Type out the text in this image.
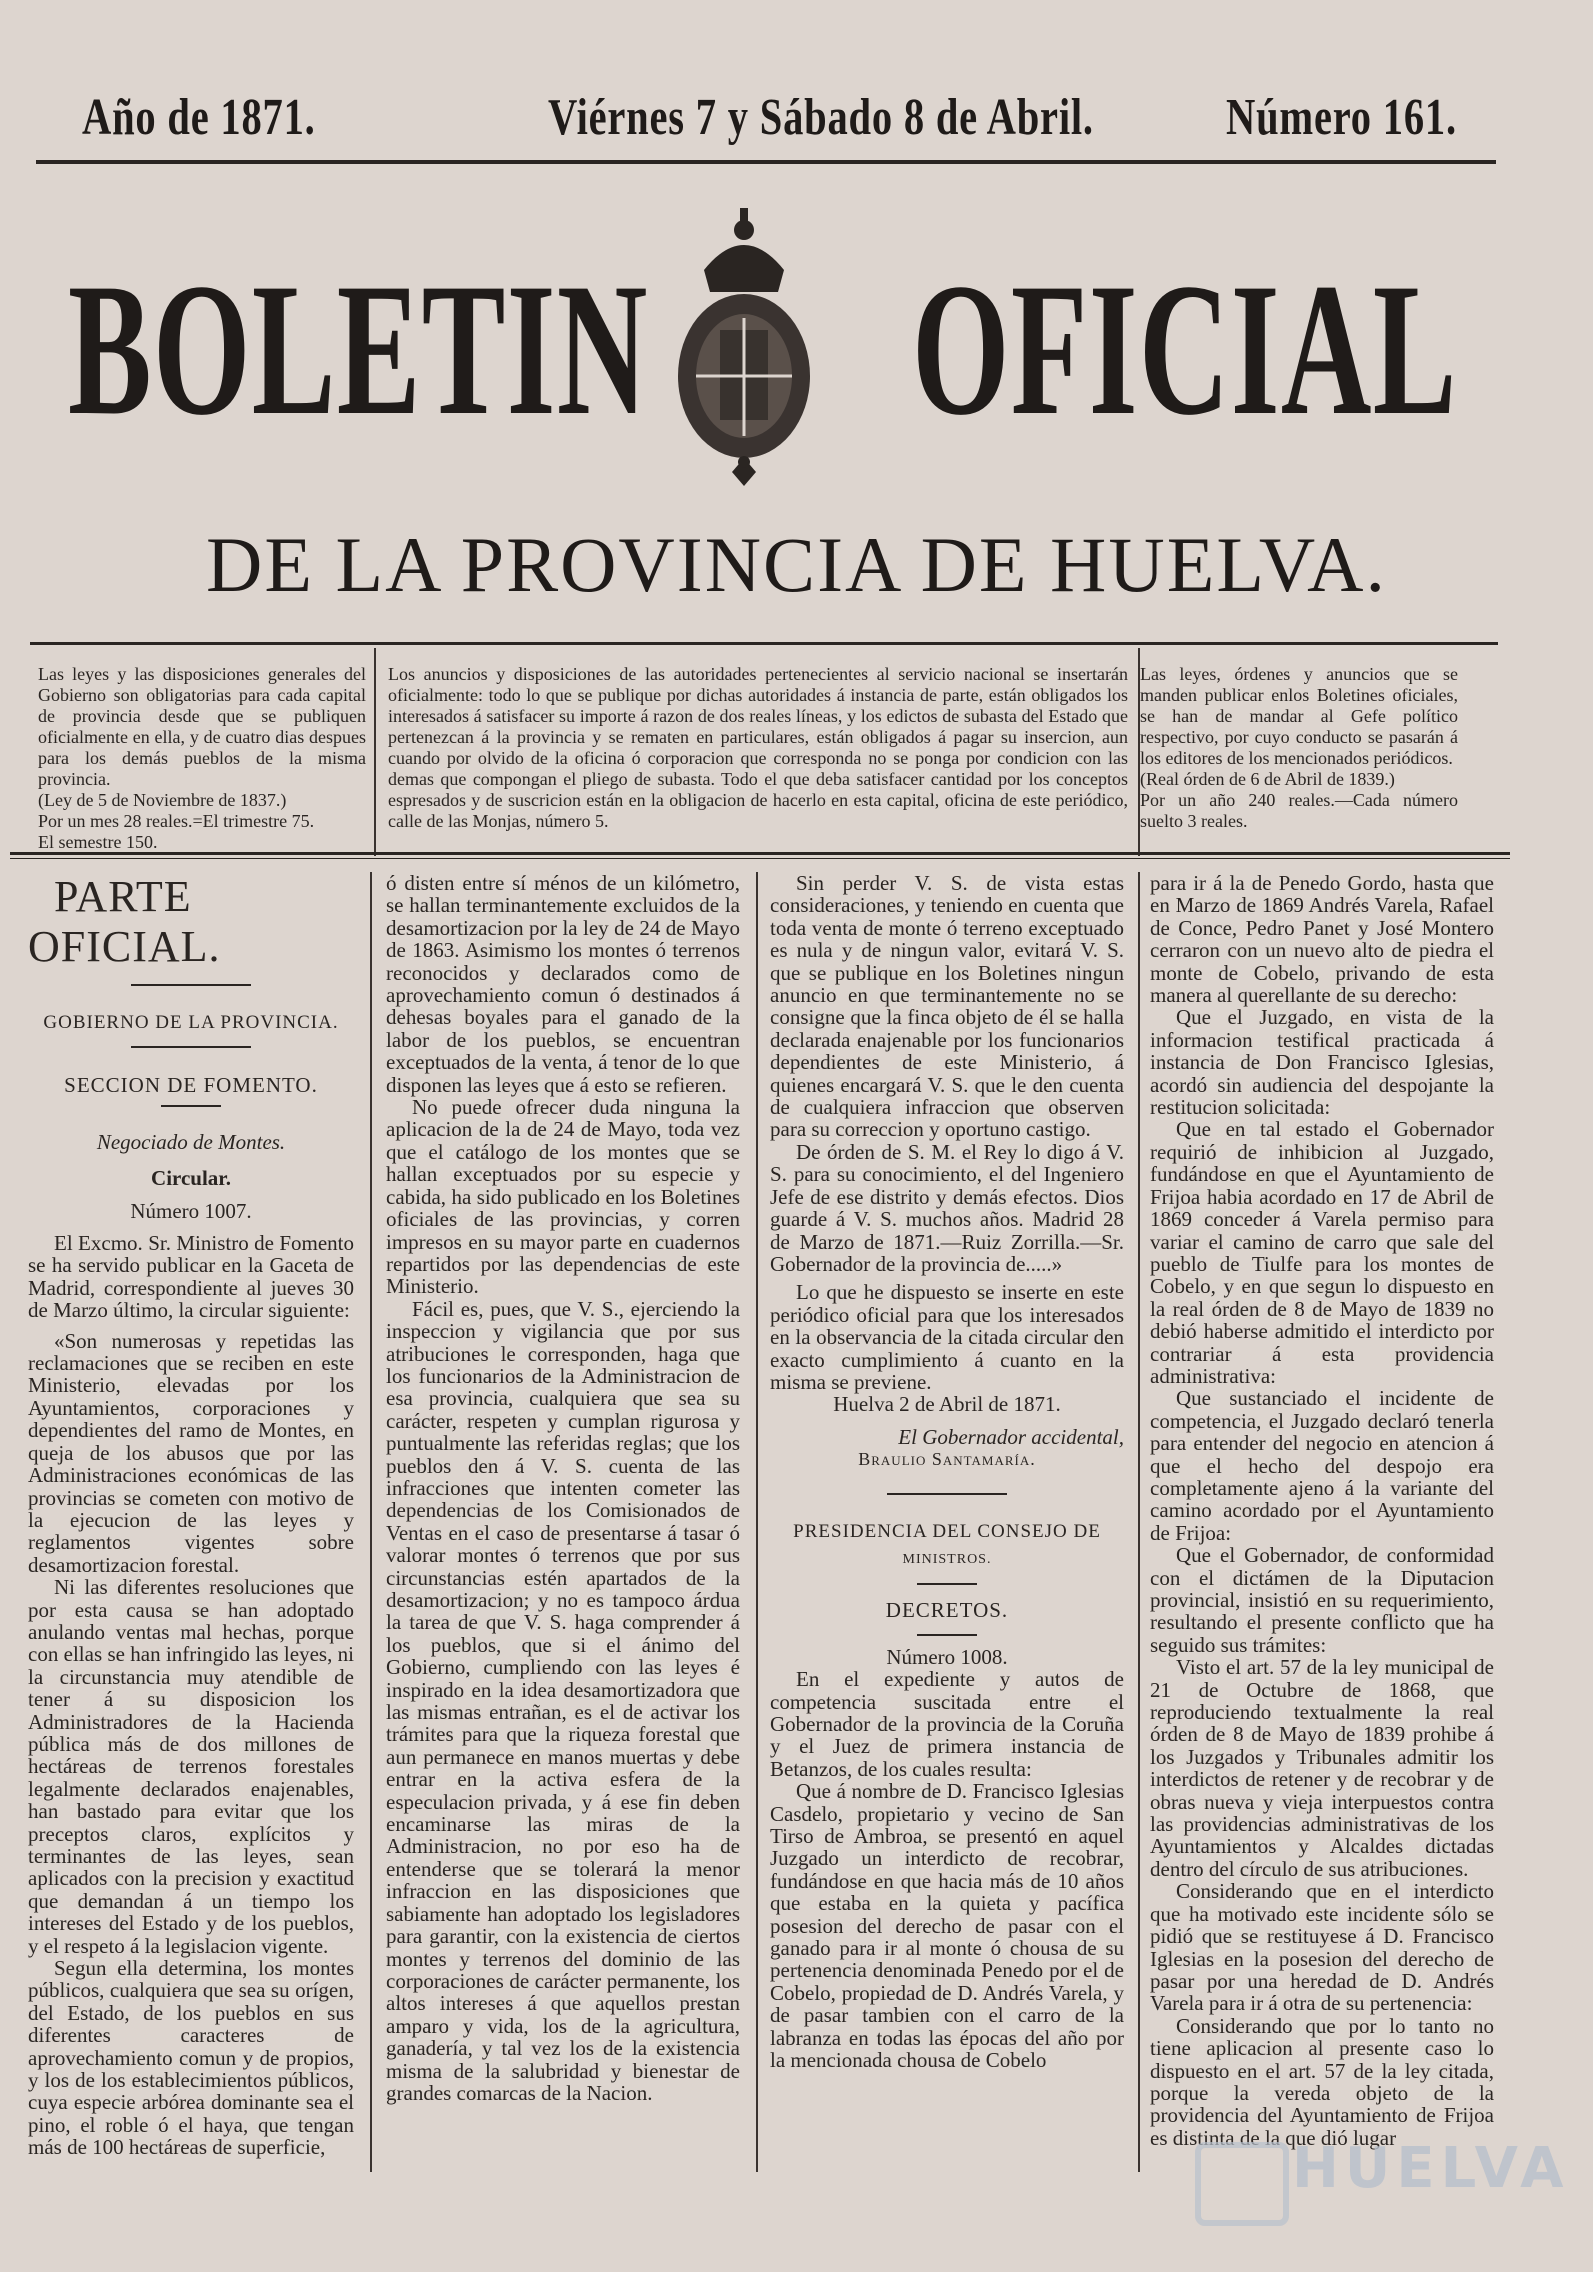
Año de 1871.	Viérnes 7 y Sábado 8 de Abril.	Número 161.
BOLETIN OFICIAL
DE LA PROVINCIA DE HUELVA.
Las leyes y las disposiciones generales del Gobierno son obligatorias para cada capital de provincia desde que se publiquen oficialmente en ella, y de cuatro dias despues para los demás pueblos de la misma provincia.
(Ley de 5 de Noviembre de 1837.)
Por un mes 28 reales.=El trimestre 75.
El semestre 150.
Los anuncios y disposiciones de las autoridades pertenecientes al servicio nacional se insertarán oficialmente: todo lo que se publique por dichas autoridades á instancia de parte, están obligados los interesados á satisfacer su importe á razon de dos reales líneas, y los edictos de subasta del Estado que pertenezcan á la provincia y se rematen en particulares, están obligados á pagar su insercion, aun cuando por olvido de la oficina ó corporacion que corresponda no se ponga por condicion con las demas que compongan el pliego de subasta. Todo el que deba satisfacer cantidad por los conceptos espresados y de suscricion están en la obligacion de hacerlo en esta capital, oficina de este periódico, calle de las Monjas, número 5.
Las leyes, órdenes y anuncios que se manden publicar enlos Boletines oficiales, se han de mandar al Gefe político respectivo, por cuyo conducto se pasarán á los editores de los mencionados periódicos.
(Real órden de 6 de Abril de 1839.)
Por un año 240 reales.—Cada número suelto 3 reales.

PARTE OFICIAL.

GOBIERNO DE LA PROVINCIA.

SECCION DE FOMENTO.

Negociado de Montes.

Circular.

Número 1007.

El Excmo. Sr. Ministro de Fomento se ha servido publicar en la Gaceta de Madrid, correspondiente al jueves 30 de Marzo último, la circular siguiente:

«Son numerosas y repetidas las reclamaciones que se reciben en este Ministerio, elevadas por los Ayuntamientos, corporaciones y dependientes del ramo de Montes, en queja de los abusos que por las Administraciones económicas de las provincias se cometen con motivo de la ejecucion de las leyes y reglamentos vigentes sobre desamortizacion forestal.

Ni las diferentes resoluciones que por esta causa se han adoptado anulando ventas mal hechas, porque con ellas se han infringido las leyes, ni la circunstancia muy atendible de tener á su disposicion los Administradores de la Hacienda pública más de dos millones de hectáreas de terrenos forestales legalmente declarados enajenables, han bastado para evitar que los preceptos claros, explícitos y terminantes de las leyes, sean aplicados con la precision y exactitud que demandan á un tiempo los intereses del Estado y de los pueblos, y el respeto á la legislacion vigente.

Segun ella determina, los montes públicos, cualquiera que sea su orígen, del Estado, de los pueblos en sus diferentes caracteres de aprovechamiento comun y de propios, y los de los establecimientos públicos, cuya especie arbórea dominante sea el pino, el roble ó el haya, que tengan más de 100 hectáreas de superficie,

ó disten entre sí ménos de un kilómetro, se hallan terminantemente excluidos de la desamortizacion por la ley de 24 de Mayo de 1863. Asimismo los montes ó terrenos reconocidos y declarados como de aprovechamiento comun ó destinados á dehesas boyales para el ganado de la labor de los pueblos, se encuentran exceptuados de la venta, á tenor de lo que disponen las leyes que á esto se refieren.

No puede ofrecer duda ninguna la aplicacion de la de 24 de Mayo, toda vez que el catálogo de los montes que se hallan exceptuados por su especie y cabida, ha sido publicado en los Boletines oficiales de las provincias, y corren impresos en su mayor parte en cuadernos repartidos por las dependencias de este Ministerio.

Fácil es, pues, que V. S., ejerciendo la inspeccion y vigilancia que por sus atribuciones le corresponden, haga que los funcionarios de la Administracion de esa provincia, cualquiera que sea su carácter, respeten y cumplan rigurosa y puntualmente las referidas reglas; que los pueblos den á V. S. cuenta de las infracciones que intenten cometer las dependencias de los Comisionados de Ventas en el caso de presentarse á tasar ó valorar montes ó terrenos que por sus circunstancias estén apartados de la desamortizacion; y no es tampoco árdua la tarea de que V. S. haga comprender á los pueblos, que si el ánimo del Gobierno, cumpliendo con las leyes é inspirado en la idea desamortizadora que las mismas entrañan, es el de activar los trámites para que la riqueza forestal que aun permanece en manos muertas y debe entrar en la activa esfera de la especulacion privada, y á ese fin deben encaminarse las miras de la Administracion, no por eso ha de entenderse que se tolerará la menor infraccion en las disposiciones que sabiamente han adoptado los legisladores para garantir, con la existencia de ciertos montes y terrenos del dominio de las corporaciones de carácter permanente, los altos intereses á que aquellos prestan amparo y vida, los de la agricultura, ganadería, y tal vez los de la existencia misma de la salubridad y bienestar de grandes comarcas de la Nacion.

Sin perder V. S. de vista estas consideraciones, y teniendo en cuenta que toda venta de monte ó terreno exceptuado es nula y de ningun valor, evitará V. S. que se publique en los Boletines ningun anuncio en que terminantemente no se consigne que la finca objeto de él se halla declarada enajenable por los funcionarios dependientes de este Ministerio, á quienes encargará V. S. que le den cuenta de cualquiera infraccion que observen para su correccion y oportuno castigo.

De órden de S. M. el Rey lo digo á V. S. para su conocimiento, el del Ingeniero Jefe de ese distrito y demás efectos. Dios guarde á V. S. muchos años. Madrid 28 de Marzo de 1871.—Ruiz Zorrilla.—Sr. Gobernador de la provincia de.....»

Lo que he dispuesto se inserte en este periódico oficial para que los interesados en la observancia de la citada circular den exacto cumplimiento á cuanto en la misma se previene.

Huelva 2 de Abril de 1871.

El Gobernador accidental,

Braulio Santamaría.

PRESIDENCIA DEL CONSEJO DE

MINISTROS.

DECRETOS.

Número 1008.

En el expediente y autos de competencia suscitada entre el Gobernador de la provincia de la Coruña y el Juez de primera instancia de Betanzos, de los cuales resulta:

Que á nombre de D. Francisco Iglesias Casdelo, propietario y vecino de San Tirso de Ambroa, se presentó en aquel Juzgado un interdicto de recobrar, fundándose en que hacia más de 10 años que estaba en la quieta y pacífica posesion del derecho de pasar con el ganado para ir al monte ó chousa de su pertenencia denominada Penedo por el de Cobelo, propiedad de D. Andrés Varela, y de pasar tambien con el carro de la labranza en todas las épocas del año por la mencionada chousa de Cobelo

para ir á la de Penedo Gordo, hasta que en Marzo de 1869 Andrés Varela, Rafael de Conce, Pedro Panet y José Montero cerraron con un nuevo alto de piedra el monte de Cobelo, privando de esta manera al querellante de su derecho:

Que el Juzgado, en vista de la informacion testifical practicada á instancia de Don Francisco Iglesias, acordó sin audiencia del despojante la restitucion solicitada:

Que en tal estado el Gobernador requirió de inhibicion al Juzgado, fundándose en que el Ayuntamiento de Frijoa habia acordado en 17 de Abril de 1869 conceder á Varela permiso para variar el camino de carro que sale del pueblo de Tiulfe para los montes de Cobelo, y en que segun lo dispuesto en la real órden de 8 de Mayo de 1839 no debió haberse admitido el interdicto por contrariar á esta providencia administrativa:

Que sustanciado el incidente de competencia, el Juzgado declaró tenerla para entender del negocio en atencion á que el hecho del despojo era completamente ajeno á la variante del camino acordado por el Ayuntamiento de Frijoa:

Que el Gobernador, de conformidad con el dictámen de la Diputacion provincial, insistió en su requerimiento, resultando el presente conflicto que ha seguido sus trámites:

Visto el art. 57 de la ley municipal de 21 de Octubre de 1868, que reproduciendo textualmente la real órden de 8 de Mayo de 1839 prohibe á los Juzgados y Tribunales admitir los interdictos de retener y de recobrar y de obras nueva y vieja interpuestos contra las providencias administrativas de los Ayuntamientos y Alcaldes dictadas dentro del círculo de sus atribuciones.

Considerando que en el interdicto que ha motivado este incidente sólo se pidió que se restituyese á D. Francisco Iglesias en la posesion del derecho de pasar por una heredad de D. Andrés Varela para ir á otra de su pertenencia:

Considerando que por lo tanto no tiene aplicacion al presente caso lo dispuesto en el art. 57 de la ley citada, porque la vereda objeto de la providencia del Ayuntamiento de Frijoa es distinta de la que dió lugar

HUELVA
